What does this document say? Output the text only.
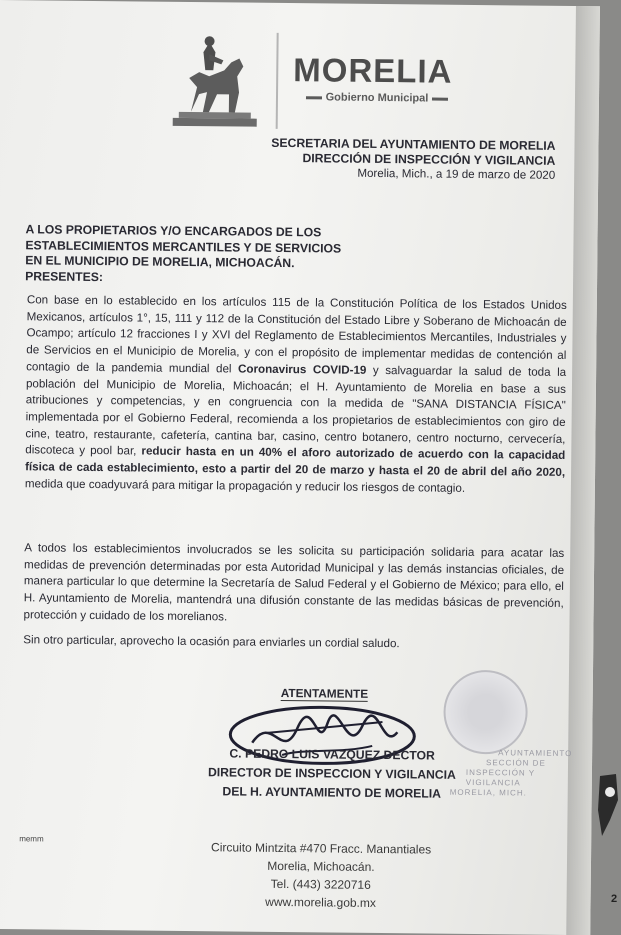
MORELIA
Gobierno Municipal
SECRETARIA DEL AYUNTAMIENTO DE MORELIA
DIRECCIÓN DE INSPECCIÓN Y VIGILANCIA
Morelia, Mich., a 19 de marzo de 2020
A LOS PROPIETARIOS Y/O ENCARGADOS DE LOS
ESTABLECIMIENTOS MERCANTILES Y DE SERVICIOS
EN EL MUNICIPIO DE MORELIA, MICHOACÁN.
PRESENTES:

Con base en lo establecido en los artículos 115 de la Constitución Política de los Estados Unidos Mexicanos, artículos 1°, 15, 111 y 112 de la Constitución del Estado Libre y Soberano de Michoacán de Ocampo; artículo 12 fracciones I y XVI del Reglamento de Establecimientos Mercantiles, Industriales y de Servicios en el Municipio de Morelia, y con el propósito de implementar medidas de contención al contagio de la pandemia mundial del Coronavirus COVID-19 y salvaguardar la salud de toda la población del Municipio de Morelia, Michoacán; el H. Ayuntamiento de Morelia en base a sus atribuciones y competencias, y en congruencia con la medida de "SANA DISTANCIA FÍSICA" implementada por el Gobierno Federal, recomienda a los propietarios de establecimientos con giro de cine, teatro, restaurante, cafetería, cantina bar, casino, centro botanero, centro nocturno, cervecería, discoteca y pool bar, reducir hasta en un 40% el aforo autorizado de acuerdo con la capacidad física de cada establecimiento, esto a partir del 20 de marzo y hasta el 20 de abril del año 2020, medida que coadyuvará para mitigar la propagación y reducir los riesgos de contagio.

A todos los establecimientos involucrados se les solicita su participación solidaria para acatar las medidas de prevención determinadas por esta Autoridad Municipal y las demás instancias oficiales, de manera particular lo que determine la Secretaría de Salud Federal y el Gobierno de México; para ello, el H. Ayuntamiento de Morelia, mantendrá una difusión constante de las medidas básicas de prevención, protección y cuidado de los morelianos.

Sin otro particular, aprovecho la ocasión para enviarles un cordial saludo.

ATENTAMENTE
C. PEDRO LUIS VAZQUEZ DECTOR
DIRECTOR DE INSPECCION Y VIGILANCIA
DEL H. AYUNTAMIENTO DE MORELIA
AYUNTAMIENTO
SECCIÓN DE
INSPECCIÓN Y VIGILANCIA
MORELIA, MICH.
memm
Circuito Mintzita #470 Fracc. Manantiales
Morelia, Michoacán.
Tel. (443) 3220716
www.morelia.gob.mx	2
